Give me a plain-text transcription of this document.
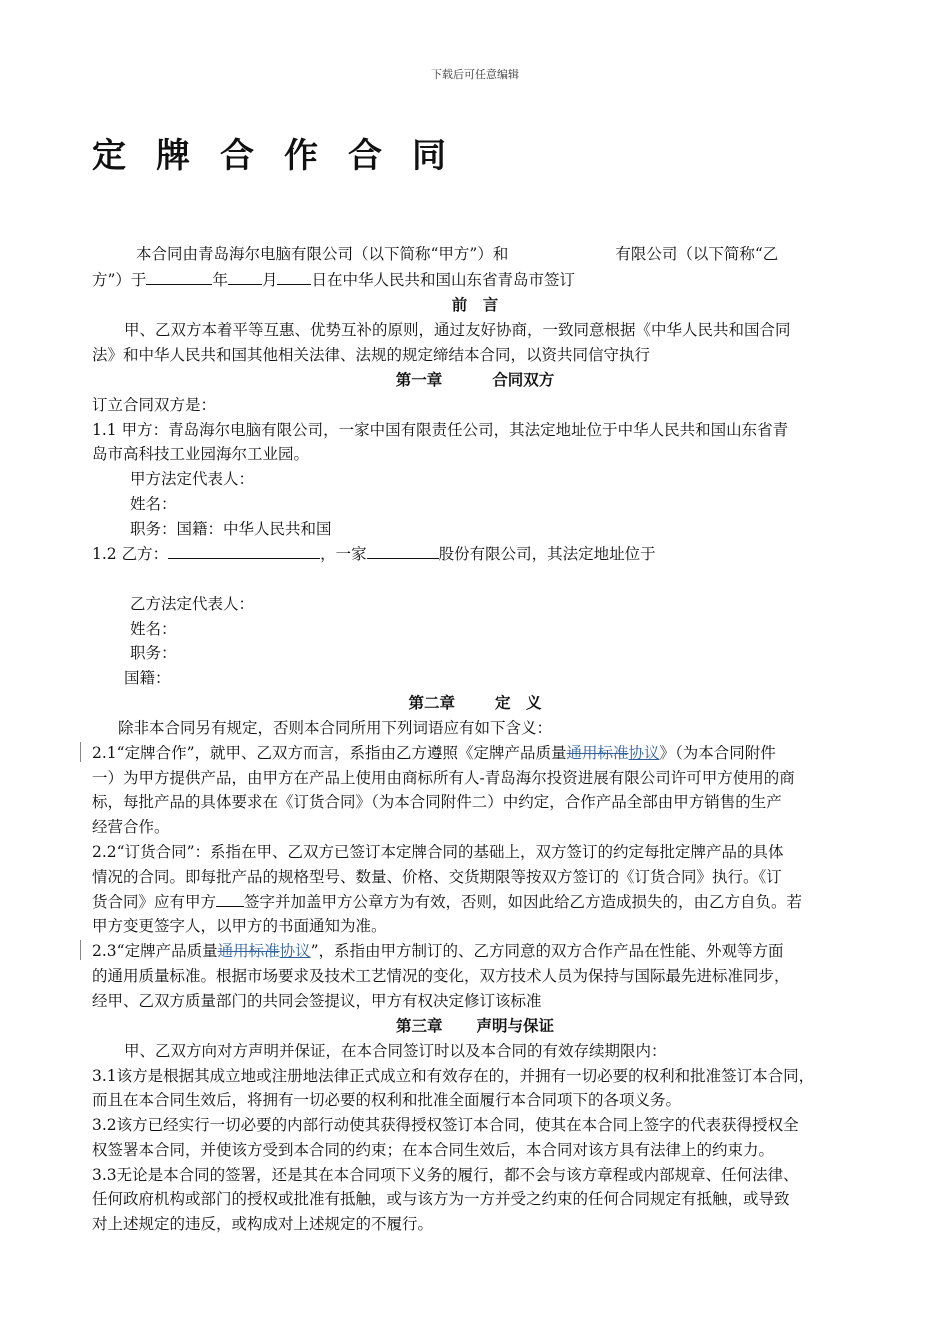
下载后可任意编辑
定牌合作合同
本合同由青岛海尔电脑有限公司（以下简称“甲方”）和	有限公司（以下简称“乙
方”）于	年 月 日在中华人民共和国山东省青岛市签订
前　言
甲、乙双方本着平等互惠、优势互补的原则，通过友好协商，一致同意根据《中华人民共和国合同
法》和中华人民共和国其他相关法律、法规的规定缔结本合同，以资共同信守执行
第一章	合同双方
订立合同双方是：
1.1 甲方：青岛海尔电脑有限公司，一家中国有限责任公司，其法定地址位于中华人民共和国山东省青
岛市高科技工业园海尔工业园。
甲方法定代表人：
姓名：
职务：国籍：中华人民共和国
1.2 乙方：	，一家	股份有限公司，其法定地址位于
乙方法定代表人：
姓名：
职务：
国籍：
第二章	定　义
除非本合同另有规定，否则本合同所用下列词语应有如下含义：
2.1“定牌合作”，就甲、乙双方而言，系指由乙方遵照《定牌产品质量通用标准协议》（为本合同附件
一）为甲方提供产品，由甲方在产品上使用由商标所有人-青岛海尔投资进展有限公司许可甲方使用的商
标，每批产品的具体要求在《订货合同》（为本合同附件二）中约定，合作产品全部由甲方销售的生产
经营合作。
2.2“订货合同”：系指在甲、乙双方已签订本定牌合同的基础上，双方签订的约定每批定牌产品的具体
情况的合同。即每批产品的规格型号、数量、价格、交货期限等按双方签订的《订货合同》执行。《订
货合同》应有甲方 签字并加盖甲方公章方为有效，否则，如因此给乙方造成损失的，由乙方自负。若
甲方变更签字人，以甲方的书面通知为准。
2.3“定牌产品质量通用标准协议”，系指由甲方制订的、乙方同意的双方合作产品在性能、外观等方面
的通用质量标准。根据市场要求及技术工艺情况的变化，双方技术人员为保持与国际最先进标准同步，
经甲、乙双方质量部门的共同会签提议，甲方有权决定修订该标准
第三章 声明与保证
甲、乙双方向对方声明并保证，在本合同签订时以及本合同的有效存续期限内：
3.1该方是根据其成立地或注册地法律正式成立和有效存在的，并拥有一切必要的权利和批准签订本合同，
而且在本合同生效后，将拥有一切必要的权利和批准全面履行本合同项下的各项义务。
3.2该方已经实行一切必要的内部行动使其获得授权签订本合同，使其在本合同上签字的代表获得授权全
权签署本合同，并使该方受到本合同的约束；在本合同生效后，本合同对该方具有法律上的约束力。
3.3无论是本合同的签署，还是其在本合同项下义务的履行，都不会与该方章程或内部规章、任何法律、
任何政府机构或部门的授权或批准有抵触，或与该方为一方并受之约束的任何合同规定有抵触，或导致
对上述规定的违反，或构成对上述规定的不履行。
